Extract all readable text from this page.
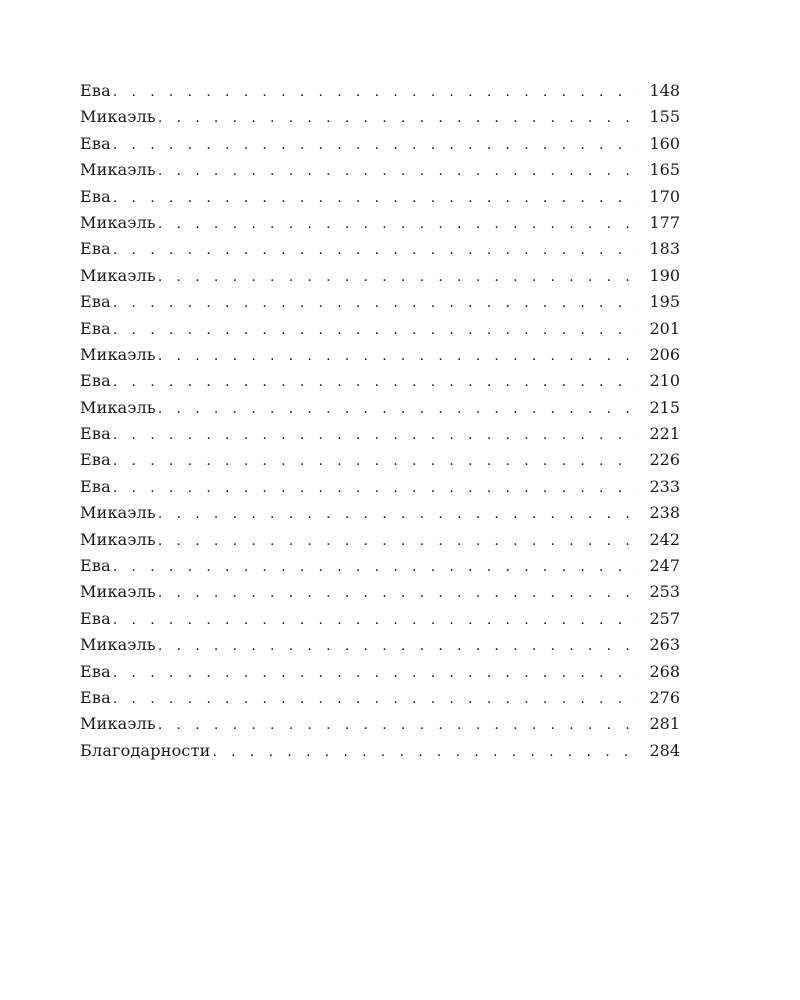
Ева . . .	148
Микаэль . . .	155
Ева . . .	160
Микаэль . . .	165
Ева . . .	170
Микаэль . . .	177
Ева . . .	183
Микаэль . . .	190
Ева . . .	195
Ева . . .	201
Микаэль . . .	206
Ева . . .	210
Микаэль . . .	215
Ева . . .	221
Ева . . .	226
Ева . . .	233
Микаэль . . .	238
Микаэль . . .	242
Ева . . .	247
Микаэль . . .	253
Ева . . .	257
Микаэль . . .	263
Ева . . .	268
Ева . . .	276
Микаэль . . .	281
Благодарности . . .	284
